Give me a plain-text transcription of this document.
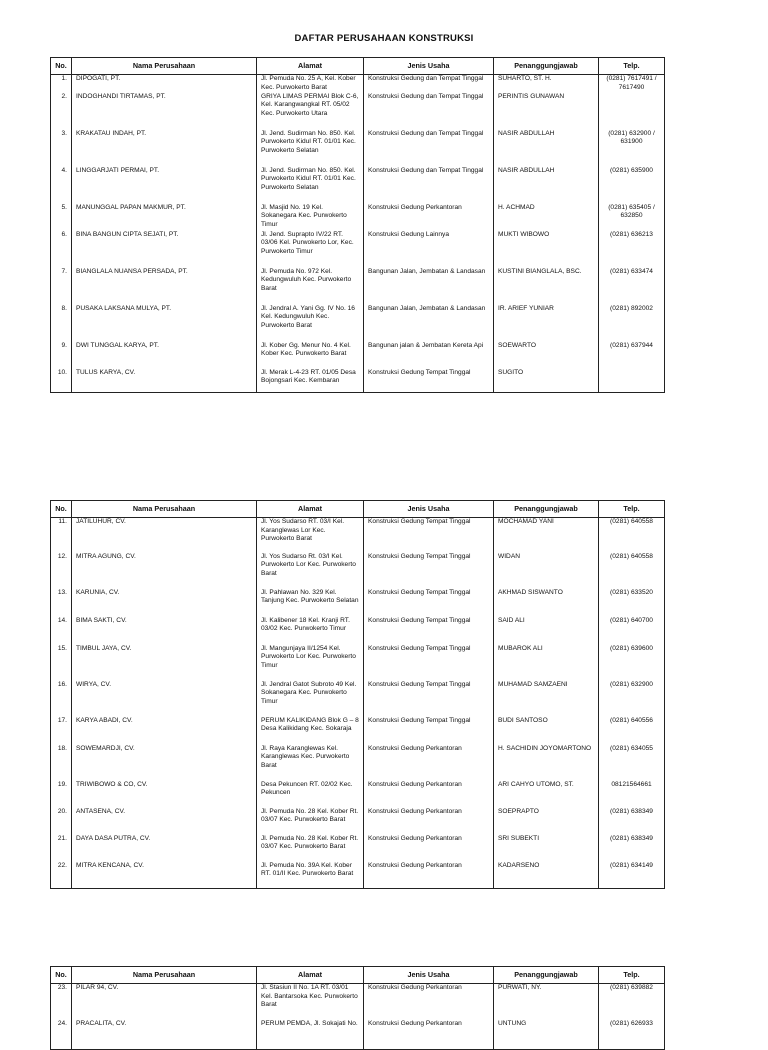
DAFTAR PERUSAHAAN KONSTRUKSI
No.	Nama Perusahaan	Alamat	Jenis Usaha	Penanggungjawab	Telp.
1.	DIPOGATI, PT.	Jl. Pemuda No. 25 A, Kel. Kober Kec. Purwokerto Barat	Konstruksi Gedung dan Tempat Tinggal	SUHARTO, ST. H.	(0281) 7617491 / 7617490
2.	INDOGHANDI TIRTAMAS, PT.	GRIYA LIMAS PERMAI Blok C-6, Kel. Karangwangkal RT. 05/02 Kec. Purwokerto Utara	Konstruksi Gedung dan Tempat Tinggal	PERINTIS GUNAWAN	
3.	KRAKATAU INDAH, PT.	Jl. Jend. Sudirman No. 850. Kel. Purwokerto Kidul RT. 01/01 Kec. Purwokerto Selatan	Konstruksi Gedung dan Tempat Tinggal	NASIR ABDULLAH	(0281) 632900 / 631900
4.	LINGGARJATI PERMAI, PT.	Jl. Jend. Sudirman No. 850. Kel. Purwokerto Kidul RT. 01/01 Kec. Purwokerto Selatan	Konstruksi Gedung dan Tempat Tinggal	NASIR ABDULLAH	(0281) 635900
5.	MANUNGGAL PAPAN MAKMUR, PT.	Jl. Masjid No. 19 Kel. Sokanegara Kec. Purwokerto Timur	Konstruksi Gedung Perkantoran	H. ACHMAD	(0281) 635405 / 632850
6.	BINA BANGUN CIPTA SEJATI, PT.	Jl. Jend. Suprapto IV/22 RT. 03/06 Kel. Purwokerto Lor, Kec. Purwokerto Timur	Konstruksi Gedung Lainnya	MUKTI WIBOWO	(0281) 636213
7.	BIANGLALA NUANSA PERSADA, PT.	Jl. Pemuda No. 972 Kel. Kedungwuluh Kec. Purwokerto Barat	Bangunan Jalan, Jembatan & Landasan	KUSTINI BIANGLALA, BSC.	(0281) 633474
8.	PUSAKA LAKSANA MULYA, PT.	Jl. Jendral A. Yani Gg. IV No. 16 Kel. Kedungwuluh Kec. Purwokerto Barat	Bangunan Jalan, Jembatan & Landasan	IR. ARIEF YUNIAR	(0281) 892002
9.	DWI TUNGGAL KARYA, PT.	Jl. Kober Gg. Menur No. 4 Kel. Kober Kec. Purwokerto Barat	Bangunan jalan & Jembatan Kereta Api	SOEWARTO	(0281) 637944
10.	TULUS KARYA, CV.	Jl. Merak L-4-23 RT. 01/05 Desa Bojongsari Kec. Kembaran	Konstruksi Gedung Tempat Tinggal	SUGITO	
No.	Nama Perusahaan	Alamat	Jenis Usaha	Penanggungjawab	Telp.
11.	JATILUHUR, CV.	Jl. Yos Sudarso RT. 03/I Kel. Karanglewas Lor Kec. Purwokerto Barat	Konstruksi Gedung Tempat Tinggal	MOCHAMAD YANI	(0281) 640558
12.	MITRA AGUNG, CV.	Jl. Yos Sudarso Rt. 03/I Kel. Purwokerto Lor Kec. Purwokerto Barat	Konstruksi Gedung Tempat Tinggal	WIDAN	(0281) 640558
13.	KARUNIA, CV.	Jl. Pahlawan No. 329 Kel. Tanjung Kec. Purwokerto Selatan	Konstruksi Gedung Tempat Tinggal	AKHMAD SISWANTO	(0281) 633520
14.	BIMA SAKTI, CV.	Jl. Kalibener 18 Kel. Kranji RT. 03/02 Kec. Purwokerto Timur	Konstruksi Gedung Tempat Tinggal	SAID ALI	(0281) 640700
15.	TIMBUL JAYA, CV.	Jl. Mangunjaya II/1254 Kel. Purwokerto Lor Kec. Purwokerto Timur	Konstruksi Gedung Tempat Tinggal	MUBAROK ALI	(0281) 639600
16.	WIRYA, CV.	Jl. Jendral Gatot Subroto 49 Kel. Sokanegara Kec. Purwokerto Timur	Konstruksi Gedung Tempat Tinggal	MUHAMAD SAMZAENI	(0281) 632900
17.	KARYA ABADI, CV.	PERUM KALIKIDANG Blok G – 8 Desa Kalikidang Kec. Sokaraja	Konstruksi Gedung Tempat Tinggal	BUDI SANTOSO	(0281) 640556
18.	SOWEMARDJI, CV.	Jl. Raya Karanglewas Kel. Karanglewas Kec. Purwokerto Barat	Konstruksi Gedung Perkantoran	H. SACHIDIN JOYOMARTONO	(0281) 634055
19.	TRIWIBOWO & CO, CV.	Desa Pekuncen RT. 02/02 Kec. Pekuncen	Konstruksi Gedung Perkantoran	ARI CAHYO UTOMO, ST.	08121564661
20.	ANTASENA, CV.	Jl. Pemuda No. 28 Kel. Kober Rt. 03/07 Kec. Purwokerto Barat	Konstruksi Gedung Perkantoran	SOEPRAPTO	(0281) 638349
21.	DAYA DASA PUTRA, CV.	Jl. Pemuda No. 28 Kel. Kober Rt. 03/07 Kec. Purwokerto Barat	Konstruksi Gedung Perkantoran	SRI SUBEKTI	(0281) 638349
22.	MITRA KENCANA, CV.	Jl. Pemuda No. 39A Kel. Kober RT. 01/II Kec. Purwokerto Barat	Konstruksi Gedung Perkantoran	KADARSENO	(0281) 634149
No.	Nama Perusahaan	Alamat	Jenis Usaha	Penanggungjawab	Telp.
23.	PILAR 94, CV.	Jl. Stasiun II No. 1A RT. 03/01 Kel. Bantarsoka Kec. Purwokerto Barat	Konstruksi Gedung Perkantoran	PURWATI, NY.	(0281) 639882
24.	PRACALITA, CV.	PERUM PEMDA, Jl. Sokajati No.	Konstruksi Gedung Perkantoran	UNTUNG	(0281) 626933
